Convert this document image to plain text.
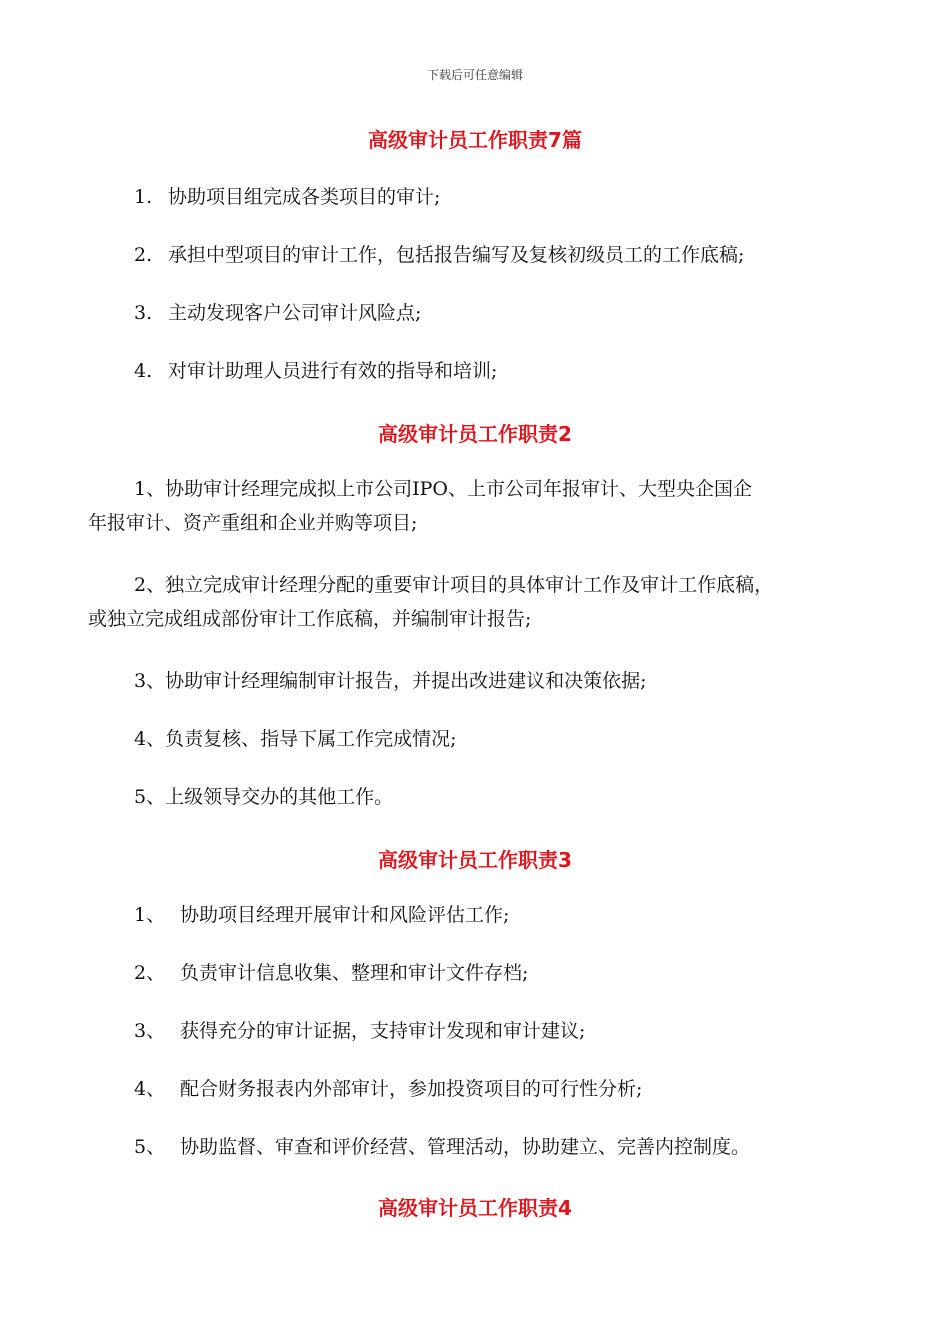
下载后可任意编辑
高级审计员工作职责7篇
1. 协助项目组完成各类项目的审计;
2. 承担中型项目的审计工作，包括报告编写及复核初级员工的工作底稿;
3. 主动发现客户公司审计风险点;
4. 对审计助理人员进行有效的指导和培训;
高级审计员工作职责2
1、协助审计经理完成拟上市公司IPO、上市公司年报审计、大型央企国企
年报审计、资产重组和企业并购等项目;
2、独立完成审计经理分配的重要审计项目的具体审计工作及审计工作底稿，
或独立完成组成部份审计工作底稿，并编制审计报告;
3、协助审计经理编制审计报告，并提出改进建议和决策依据;
4、负责复核、指导下属工作完成情况;
5、上级领导交办的其他工作。
高级审计员工作职责3
1、 协助项目经理开展审计和风险评估工作;
2、 负责审计信息收集、整理和审计文件存档;
3、 获得充分的审计证据，支持审计发现和审计建议;
4、 配合财务报表内外部审计，参加投资项目的可行性分析;
5、 协助监督、审查和评价经营、管理活动，协助建立、完善内控制度。
高级审计员工作职责4
